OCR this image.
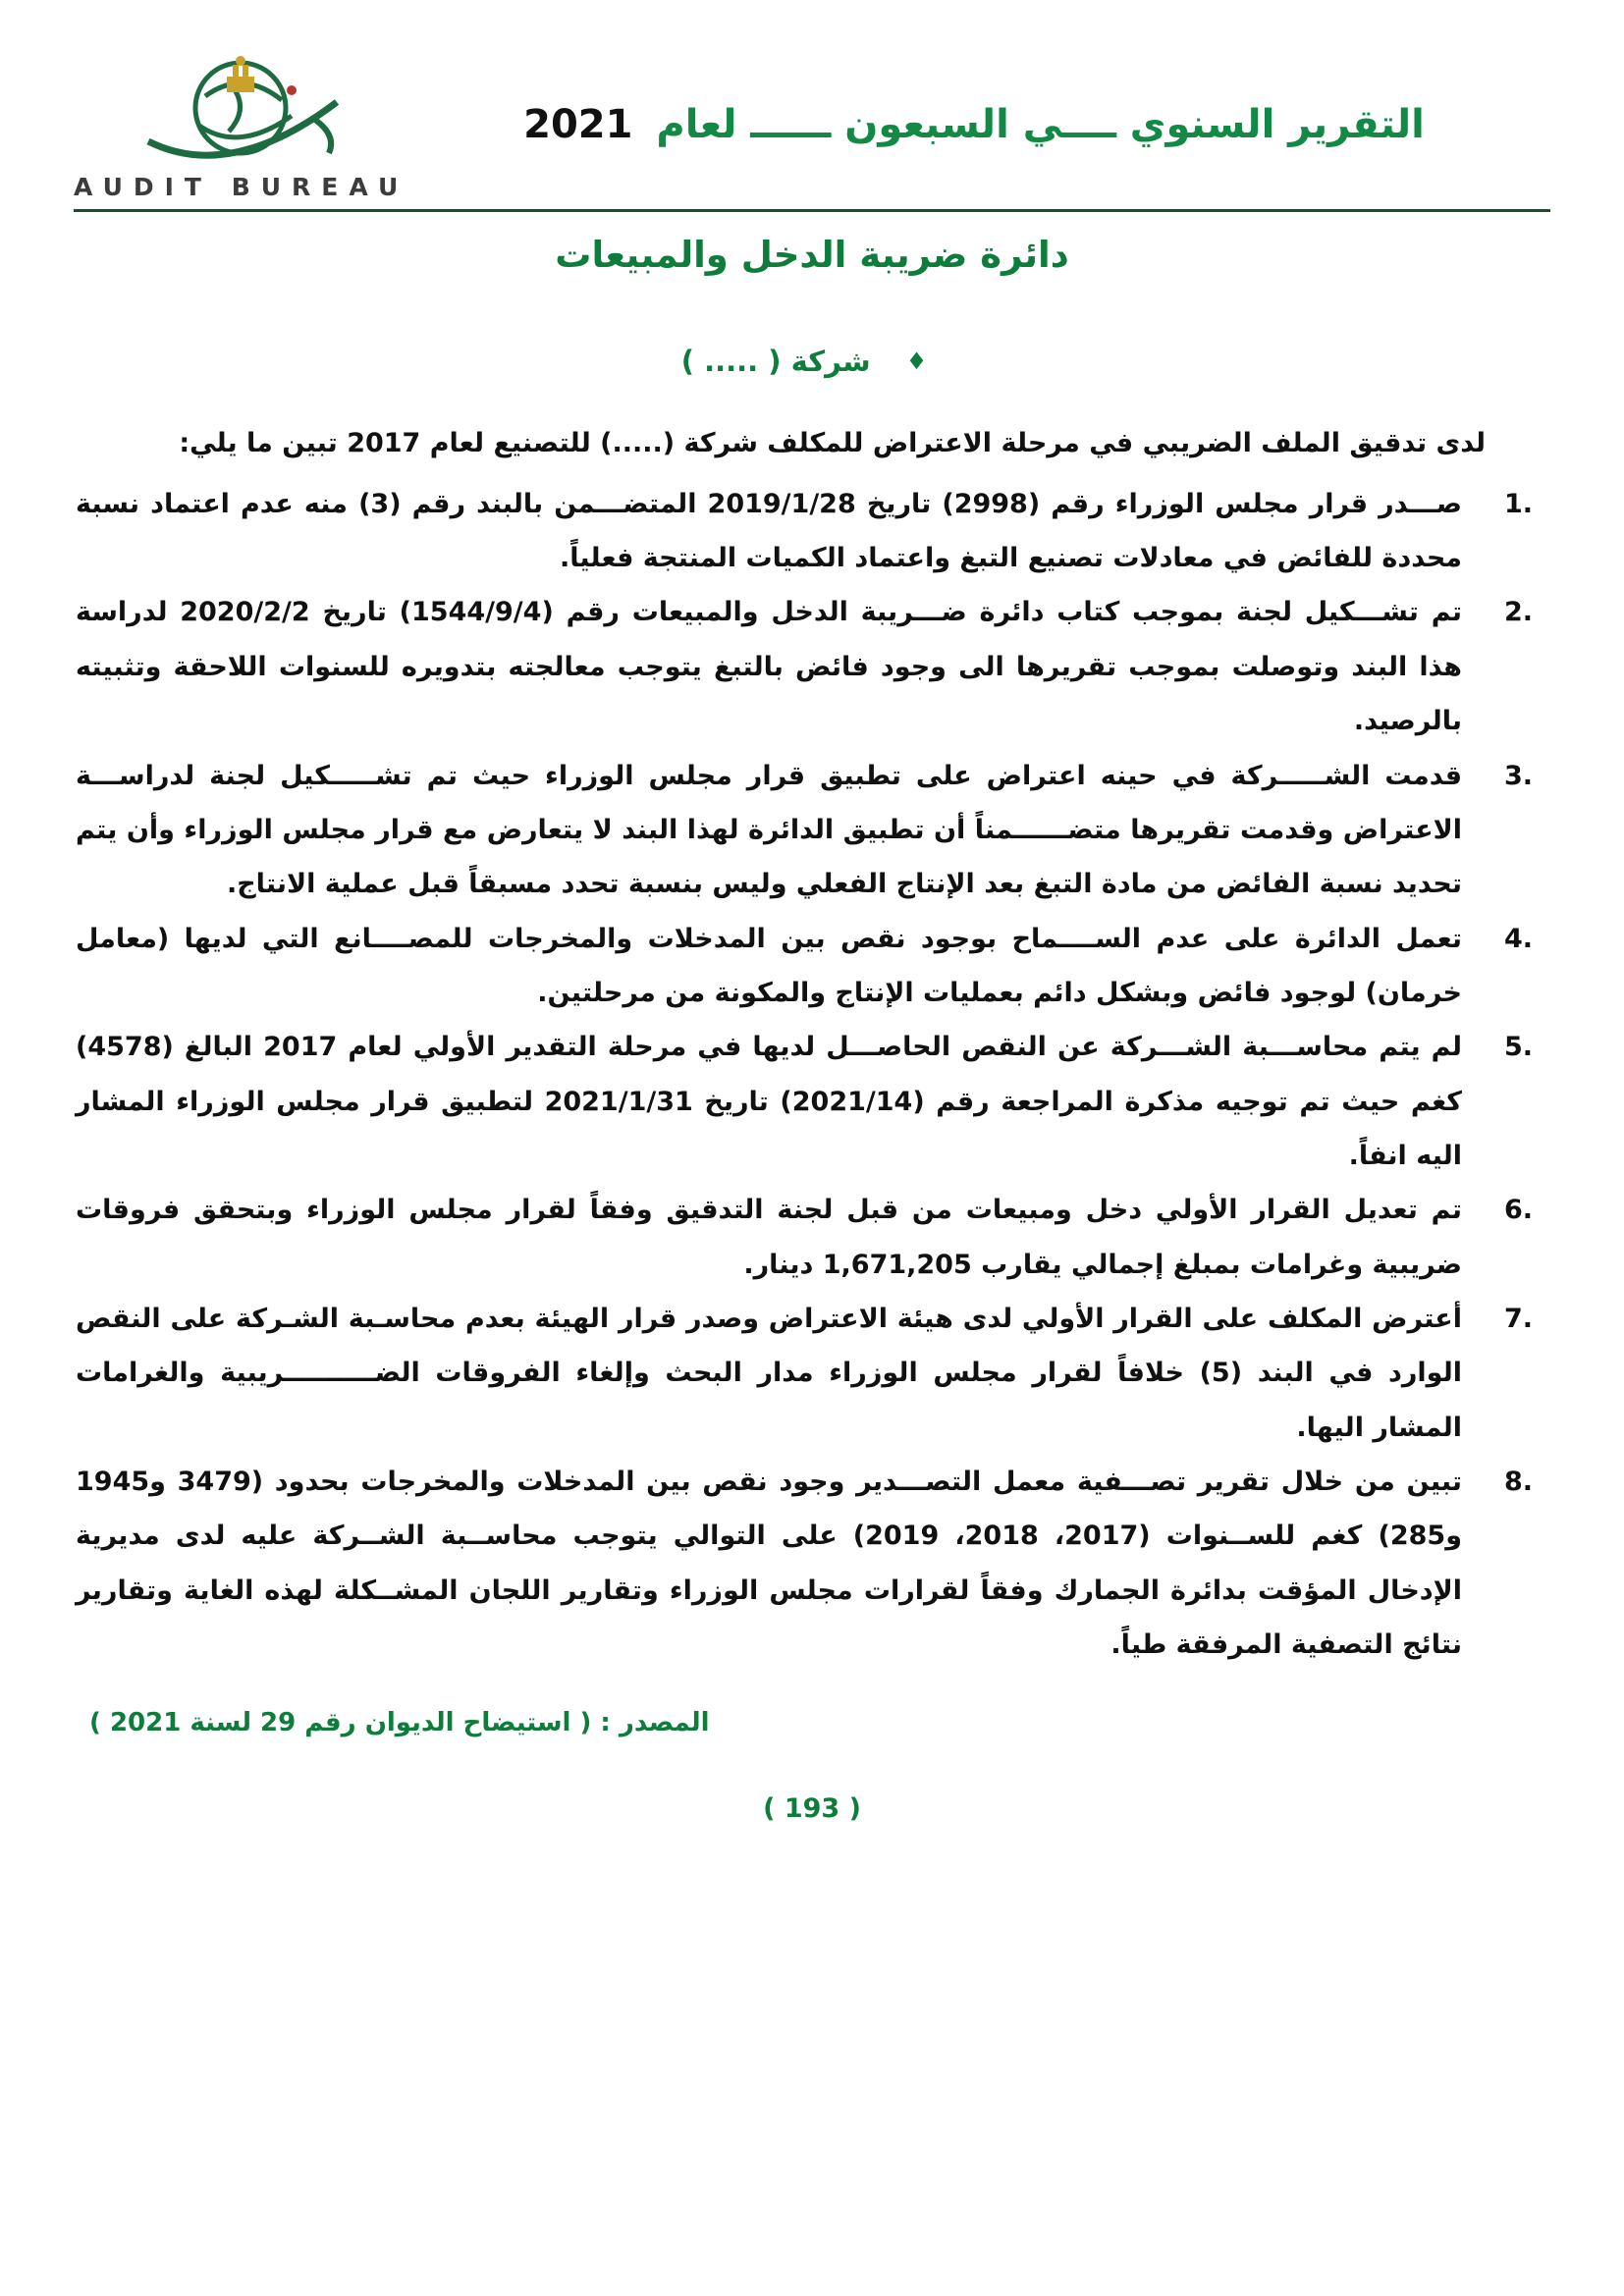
AUDIT BUREAU
التقرير السنوي ــــي السبعون ــــــ لعام 2021
دائرة ضريبة الدخل والمبيعات
♦ شركة ( ..... )

لدى تدقيق الملف الضريبي في مرحلة الاعتراض للمكلف شركة (.....) للتصنيع لعام 2017 تبين ما يلي:

1.
صـــدر قرار مجلس الوزراء رقم (2998) تاريخ 2019/1/28 المتضـــمن بالبند رقم (3) منه عدم اعتماد نسبة محددة للفائض في معادلات تصنيع التبغ واعتماد الكميات المنتجة فعلياً.
2.
تم تشـــكيل لجنة بموجب كتاب دائرة ضـــريبة الدخل والمبيعات رقم (1544/9/4) تاريخ 2020/2/2 لدراسة هذا البند وتوصلت بموجب تقريرها الى وجود فائض بالتبغ يتوجب معالجته بتدويره للسنوات اللاحقة وتثبيته بالرصيد.
3.
قدمت الشـــــركة في حينه اعتراض على تطبيق قرار مجلس الوزراء حيث تم تشـــــكيل لجنة لدراســـة الاعتراض وقدمت تقريرها متضــــــمناً أن تطبيق الدائرة لهذا البند لا يتعارض مع قرار مجلس الوزراء وأن يتم تحديد نسبة الفائض من مادة التبغ بعد الإنتاج الفعلي وليس بنسبة تحدد مسبقاً قبل عملية الانتاج.
4.
تعمل الدائرة على عدم الســــماح بوجود نقص بين المدخلات والمخرجات للمصــــانع التي لديها (معامل خرمان) لوجود فائض وبشكل دائم بعمليات الإنتاج والمكونة من مرحلتين.
5.
لم يتم محاســـبة الشـــركة عن النقص الحاصـــل لديها في مرحلة التقدير الأولي لعام 2017 البالغ (4578) كغم حيث تم توجيه مذكرة المراجعة رقم (2021/14) تاريخ 2021/1/31 لتطبيق قرار مجلس الوزراء المشار اليه انفاً.
6.
تم تعديل القرار الأولي دخل ومبيعات من قبل لجنة التدقيق وفقاً لقرار مجلس الوزراء وبتحقق فروقات ضريبية وغرامات بمبلغ إجمالي يقارب 1,671,205 دينار.
7.
أعترض المكلف على القرار الأولي لدى هيئة الاعتراض وصدر قرار الهيئة بعدم محاسـبة الشـركة على النقص الوارد في البند (5) خلافاً لقرار مجلس الوزراء مدار البحث وإلغاء الفروقات الضــــــــــريبية والغرامات المشار اليها.
8.
تبين من خلال تقرير تصـــفية معمل التصـــدير وجود نقص بين المدخلات والمخرجات بحدود (3479 و1945 و285) كغم للســنوات (2017، 2018، 2019) على التوالي يتوجب محاســبة الشــركة عليه لدى مديرية الإدخال المؤقت بدائرة الجمارك وفقاً لقرارات مجلس الوزراء وتقارير اللجان المشــكلة لهذه الغاية وتقارير نتائج التصفية المرفقة طياً.
المصدر : ( استيضاح الديوان رقم 29 لسنة 2021 )
( 193 )
